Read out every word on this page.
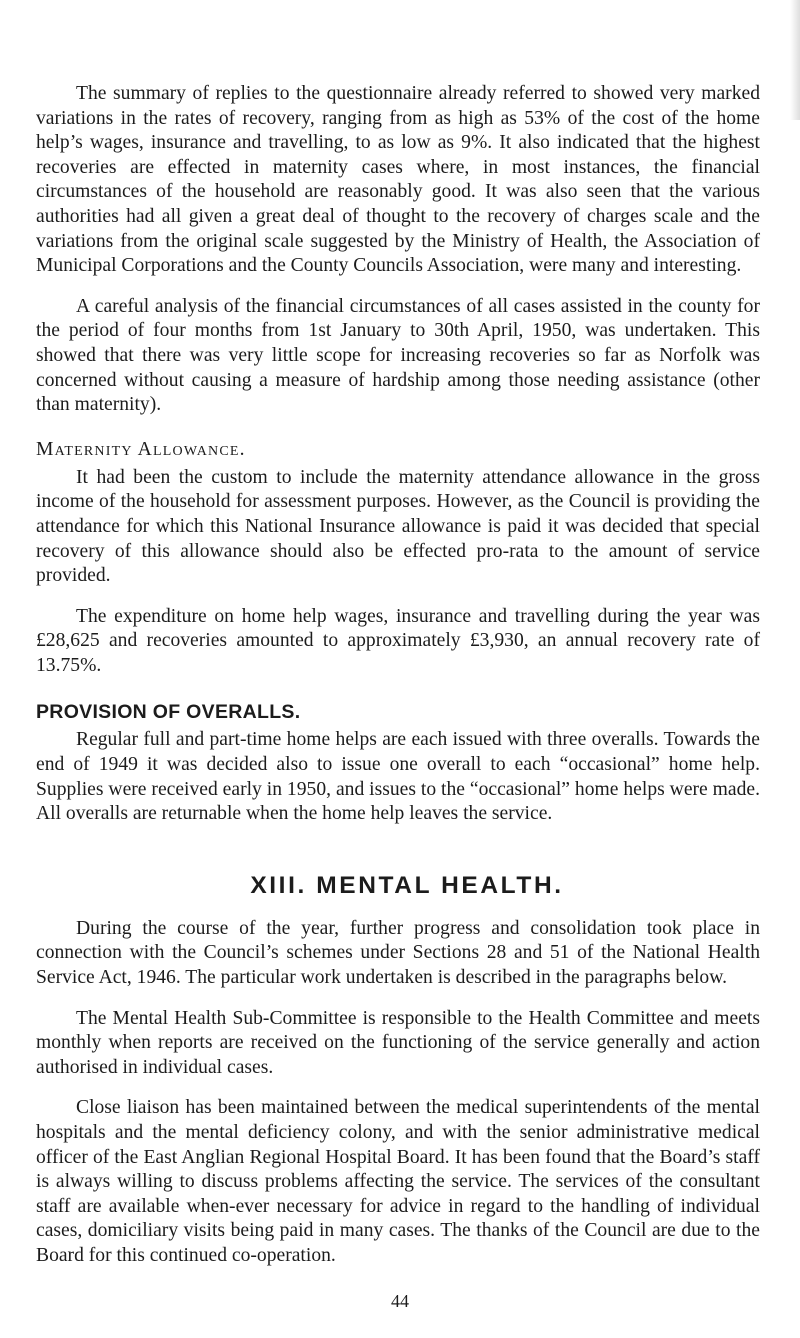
The summary of replies to the questionnaire already referred to showed very marked variations in the rates of recovery, ranging from as high as 53% of the cost of the home help’s wages, insurance and travelling, to as low as 9%. It also indicated that the highest recoveries are effected in maternity cases where, in most instances, the financial circumstances of the household are reasonably good. It was also seen that the various authorities had all given a great deal of thought to the recovery of charges scale and the variations from the original scale suggested by the Ministry of Health, the Association of Municipal Corporations and the County Councils Association, were many and interesting.

A careful analysis of the financial circumstances of all cases assisted in the county for the period of four months from 1st January to 30th April, 1950, was undertaken. This showed that there was very little scope for increasing recoveries so far as Norfolk was concerned without causing a measure of hardship among those needing assistance (other than maternity).

Maternity Allowance.

It had been the custom to include the maternity attendance allowance in the gross income of the household for assessment purposes. However, as the Council is providing the attendance for which this National Insurance allowance is paid it was decided that special recovery of this allowance should also be effected pro-rata to the amount of service provided.

The expenditure on home help wages, insurance and travelling during the year was £28,625 and recoveries amounted to approximately £3,930, an annual recovery rate of 13.75%.

PROVISION OF OVERALLS.

Regular full and part-time home helps are each issued with three overalls. Towards the end of 1949 it was decided also to issue one overall to each “occasional” home help. Supplies were received early in 1950, and issues to the “occasional” home helps were made. All overalls are returnable when the home help leaves the service.

XIII. MENTAL HEALTH.

During the course of the year, further progress and consolidation took place in connection with the Council’s schemes under Sections 28 and 51 of the National Health Service Act, 1946. The particular work undertaken is described in the paragraphs below.

The Mental Health Sub-Committee is responsible to the Health Committee and meets monthly when reports are received on the functioning of the service generally and action authorised in individual cases.

Close liaison has been maintained between the medical superintendents of the mental hospitals and the mental deficiency colony, and with the senior administrative medical officer of the East Anglian Regional Hospital Board. It has been found that the Board’s staff is always willing to discuss problems affecting the service. The services of the consultant staff are available when-ever necessary for advice in regard to the handling of individual cases, domiciliary visits being paid in many cases. The thanks of the Council are due to the Board for this continued co-operation.

44
